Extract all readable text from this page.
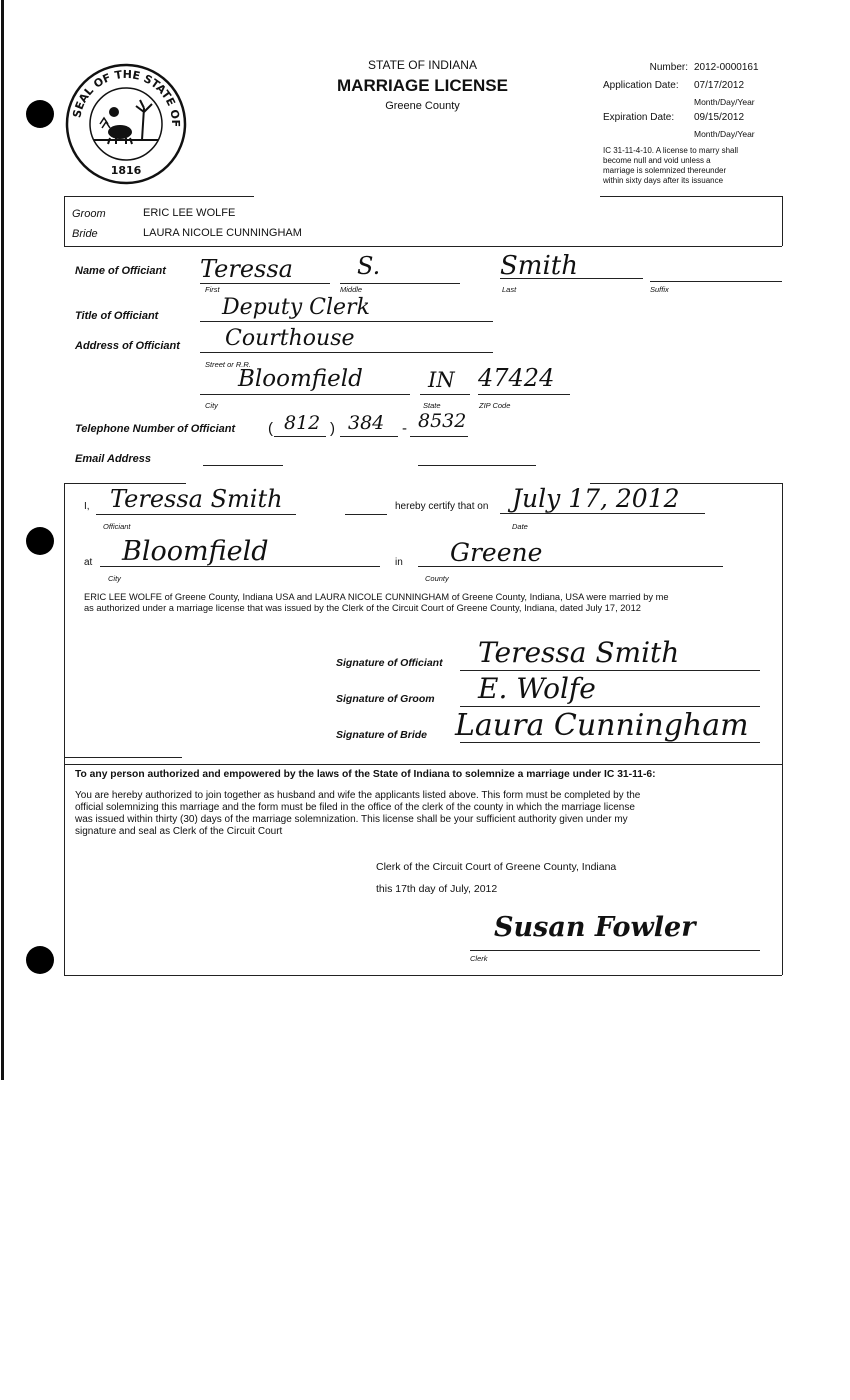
SEAL OF THE STATE OF
1816
STATE OF INDIANA
MARRIAGE LICENSE
Greene County
Number: 2012-0000161
Application Date: 07/17/2012
Month/Day/Year
Expiration Date: 09/15/2012
Month/Day/Year
IC 31-11-4-10. A license to marry shall
become null and void unless a
marriage is solemnized thereunder
within sixty days after its issuance
Groom	ERIC LEE WOLFE
Bride	LAURA NICOLE CUNNINGHAM
Name of Officiant Teressa	S.	Smith
First	Middle	Last	Suffix
Title of Officiant	Deputy Clerk
Address of Officiant Courthouse
Street or R.R.
Bloomfield	IN 47424
City	State	ZIP Code
Telephone Number of Officiant ( 812 ) 384 - 8532
Email Address
I, Teressa Smith
Officiant
hereby certify that on July 17, 2012
Date
at Bloomfield
City
in Greene
County
ERIC LEE WOLFE of Greene County, Indiana USA and LAURA NICOLE CUNNINGHAM of Greene County, Indiana, USA were married by me
as authorized under a marriage license that was issued by the Clerk of the Circuit Court of Greene County, Indiana, dated July 17, 2012
Signature of Officiant Teressa Smith
Signature of Groom E. Wolfe
Signature of Bride Laura Cunningham
To any person authorized and empowered by the laws of the State of Indiana to solemnize a marriage under IC 31-11-6:
You are hereby authorized to join together as husband and wife the applicants listed above. This form must be completed by the
official solemnizing this marriage and the form must be filed in the office of the clerk of the county in which the marriage license
was issued within thirty (30) days of the marriage solemnization. This license shall be your sufficient authority given under my
signature and seal as Clerk of the Circuit Court
Clerk of the Circuit Court of Greene County, Indiana
this 17th day of July, 2012
Susan Fowler
Clerk
